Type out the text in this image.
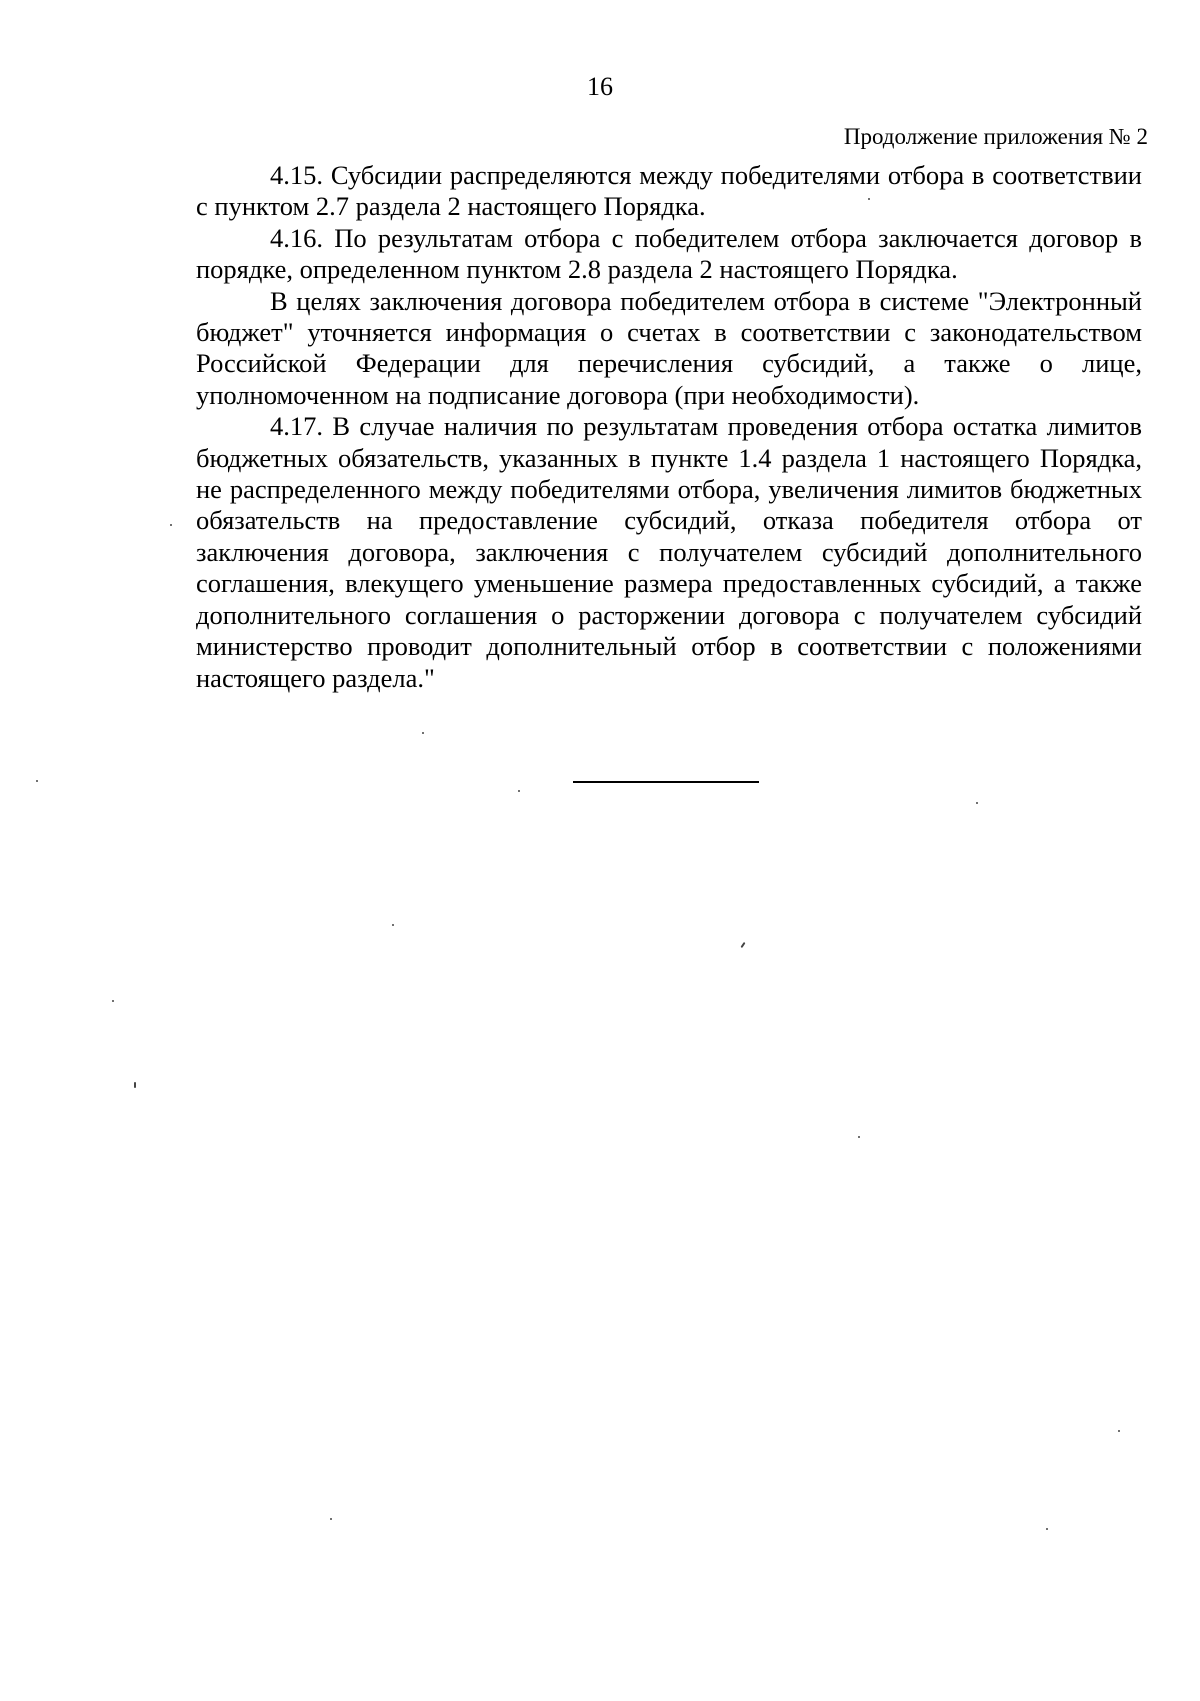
16
Продолжение приложения № 2

4.15. Субсидии распределяются между победителями отбора в соответствии с пунктом 2.7 раздела 2 настоящего Порядка.

4.16. По результатам отбора с победителем отбора заключается договор в порядке, определенном пунктом 2.8 раздела 2 настоящего Порядка.

В целях заключения договора победителем отбора в системе "Электронный бюджет" уточняется информация о счетах в соответствии с законодательством Российской Федерации для перечисления субсидий, а также о лице, уполномоченном на подписание договора (при необходимости).

4.17. В случае наличия по результатам проведения отбора остатка лимитов бюджетных обязательств, указанных в пункте 1.4 раздела 1 настоящего Порядка, не распределенного между победителями отбора, увеличения лимитов бюджетных обязательств на предоставление субсидий, отказа победителя отбора от заключения договора, заключения с получателем субсидий дополнительного соглашения, влекущего уменьшение размера предоставленных субсидий, а также дополнительного соглашения о расторжении договора с получателем субсидий министерство проводит дополнительный отбор в соответствии с положениями настоящего раздела."
